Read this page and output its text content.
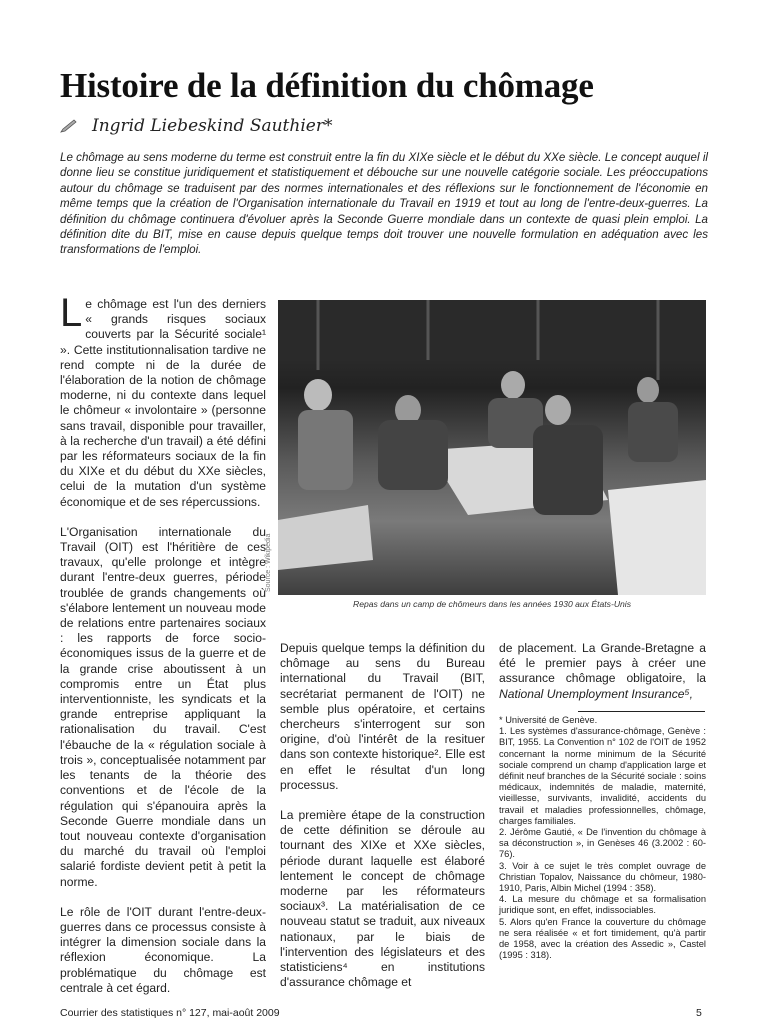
Histoire de la définition du chômage
Ingrid Liebeskind Sauthier*
Le chômage au sens moderne du terme est construit entre la fin du XIXe siècle et le début du XXe siècle. Le concept auquel il donne lieu se constitue juridiquement et statistiquement et débouche sur une nouvelle catégorie sociale. Les préoccupations autour du chômage se traduisent par des normes internationales et des réflexions sur le fonctionnement de l'économie en même temps que la création de l'Organisation internationale du Travail en 1919 et tout au long de l'entre-deux-guerres. La définition du chômage continuera d'évoluer après la Seconde Guerre mondiale dans un contexte de quasi plein emploi. La définition dite du BIT, mise en cause depuis quelque temps doit trouver une nouvelle formulation en adéquation avec les transformations de l'emploi.

Le chômage est l'un des derniers « grands risques sociaux couverts par la Sécurité sociale¹ ». Cette institutionnalisation tardive ne rend compte ni de la durée de l'élaboration de la notion de chômage moderne, ni du contexte dans lequel le chômeur « involontaire » (personne sans travail, disponible pour travailler, à la recherche d'un travail) a été défini par les réformateurs sociaux de la fin du XIXe et du début du XXe siècles, celui de la mutation d'un système économique et de ses répercussions.

L'Organisation internationale du Travail (OIT) est l'héritière de ces travaux, qu'elle prolonge et intègre durant l'entre-deux guerres, période troublée de grands changements où s'élabore lentement un nouveau mode de relations entre partenaires sociaux : les rapports de force socio-économiques issus de la guerre et de la grande crise aboutissent à un compromis entre un État plus interventionniste, les syndicats et la grande entreprise appliquant la rationalisation du travail. C'est l'ébauche de la « régulation sociale à trois », conceptualisée notamment par les tenants de la théorie des conventions et de l'école de la régulation qui s'épanouira après la Seconde Guerre mondiale dans un tout nouveau contexte d'organisation du marché du travail où l'emploi salarié fordiste devient petit à petit la norme.

Le rôle de l'OIT durant l'entre-deux-guerres dans ce processus consiste à intégrer la dimension sociale dans la réflexion économique. La problématique du chômage est centrale à cet égard.

Source : Wikipédia
Repas dans un camp de chômeurs dans les années 1930 aux États-Unis

Depuis quelque temps la définition du chômage au sens du Bureau international du Travail (BIT, secrétariat permanent de l'OIT) ne semble plus opératoire, et certains chercheurs s'interrogent sur son origine, d'où l'intérêt de la resituer dans son contexte historique². Elle est en effet le résultat d'un long processus.

La première étape de la construction de cette définition se déroule au tournant des XIXe et XXe siècles, période durant laquelle est élaboré lentement le concept de chômage moderne par les réformateurs sociaux³. La matérialisation de ce nouveau statut se traduit, aux niveaux nationaux, par le biais de l'intervention des législateurs et des statisticiens⁴ en institutions d'assurance chômage et

de placement. La Grande-Bretagne a été le premier pays à créer une assurance chômage obligatoire, la National Unemployment Insurance⁵,

* Université de Genève.
1. Les systèmes d'assurance-chômage, Genève : BIT, 1955. La Convention n° 102 de l'OIT de 1952 concernant la norme minimum de la Sécurité sociale comprend un champ d'application large et définit neuf branches de la Sécurité sociale : soins médicaux, indemnités de maladie, maternité, vieillesse, survivants, invalidité, accidents du travail et maladies professionnelles, chômage, charges familiales.
2. Jérôme Gautié, « De l'invention du chômage à sa déconstruction », in Genèses 46 (3.2002 : 60-76).
3. Voir à ce sujet le très complet ouvrage de Christian Topalov, Naissance du chômeur, 1980-1910, Paris, Albin Michel (1994 : 358).
4. La mesure du chômage et sa formalisation juridique sont, en effet, indissociables.
5. Alors qu'en France la couverture du chômage ne sera réalisée « et fort timidement, qu'à partir de 1958, avec la création des Assedic », Castel (1995 : 318).
Courrier des statistiques n° 127, mai-août 2009	5
